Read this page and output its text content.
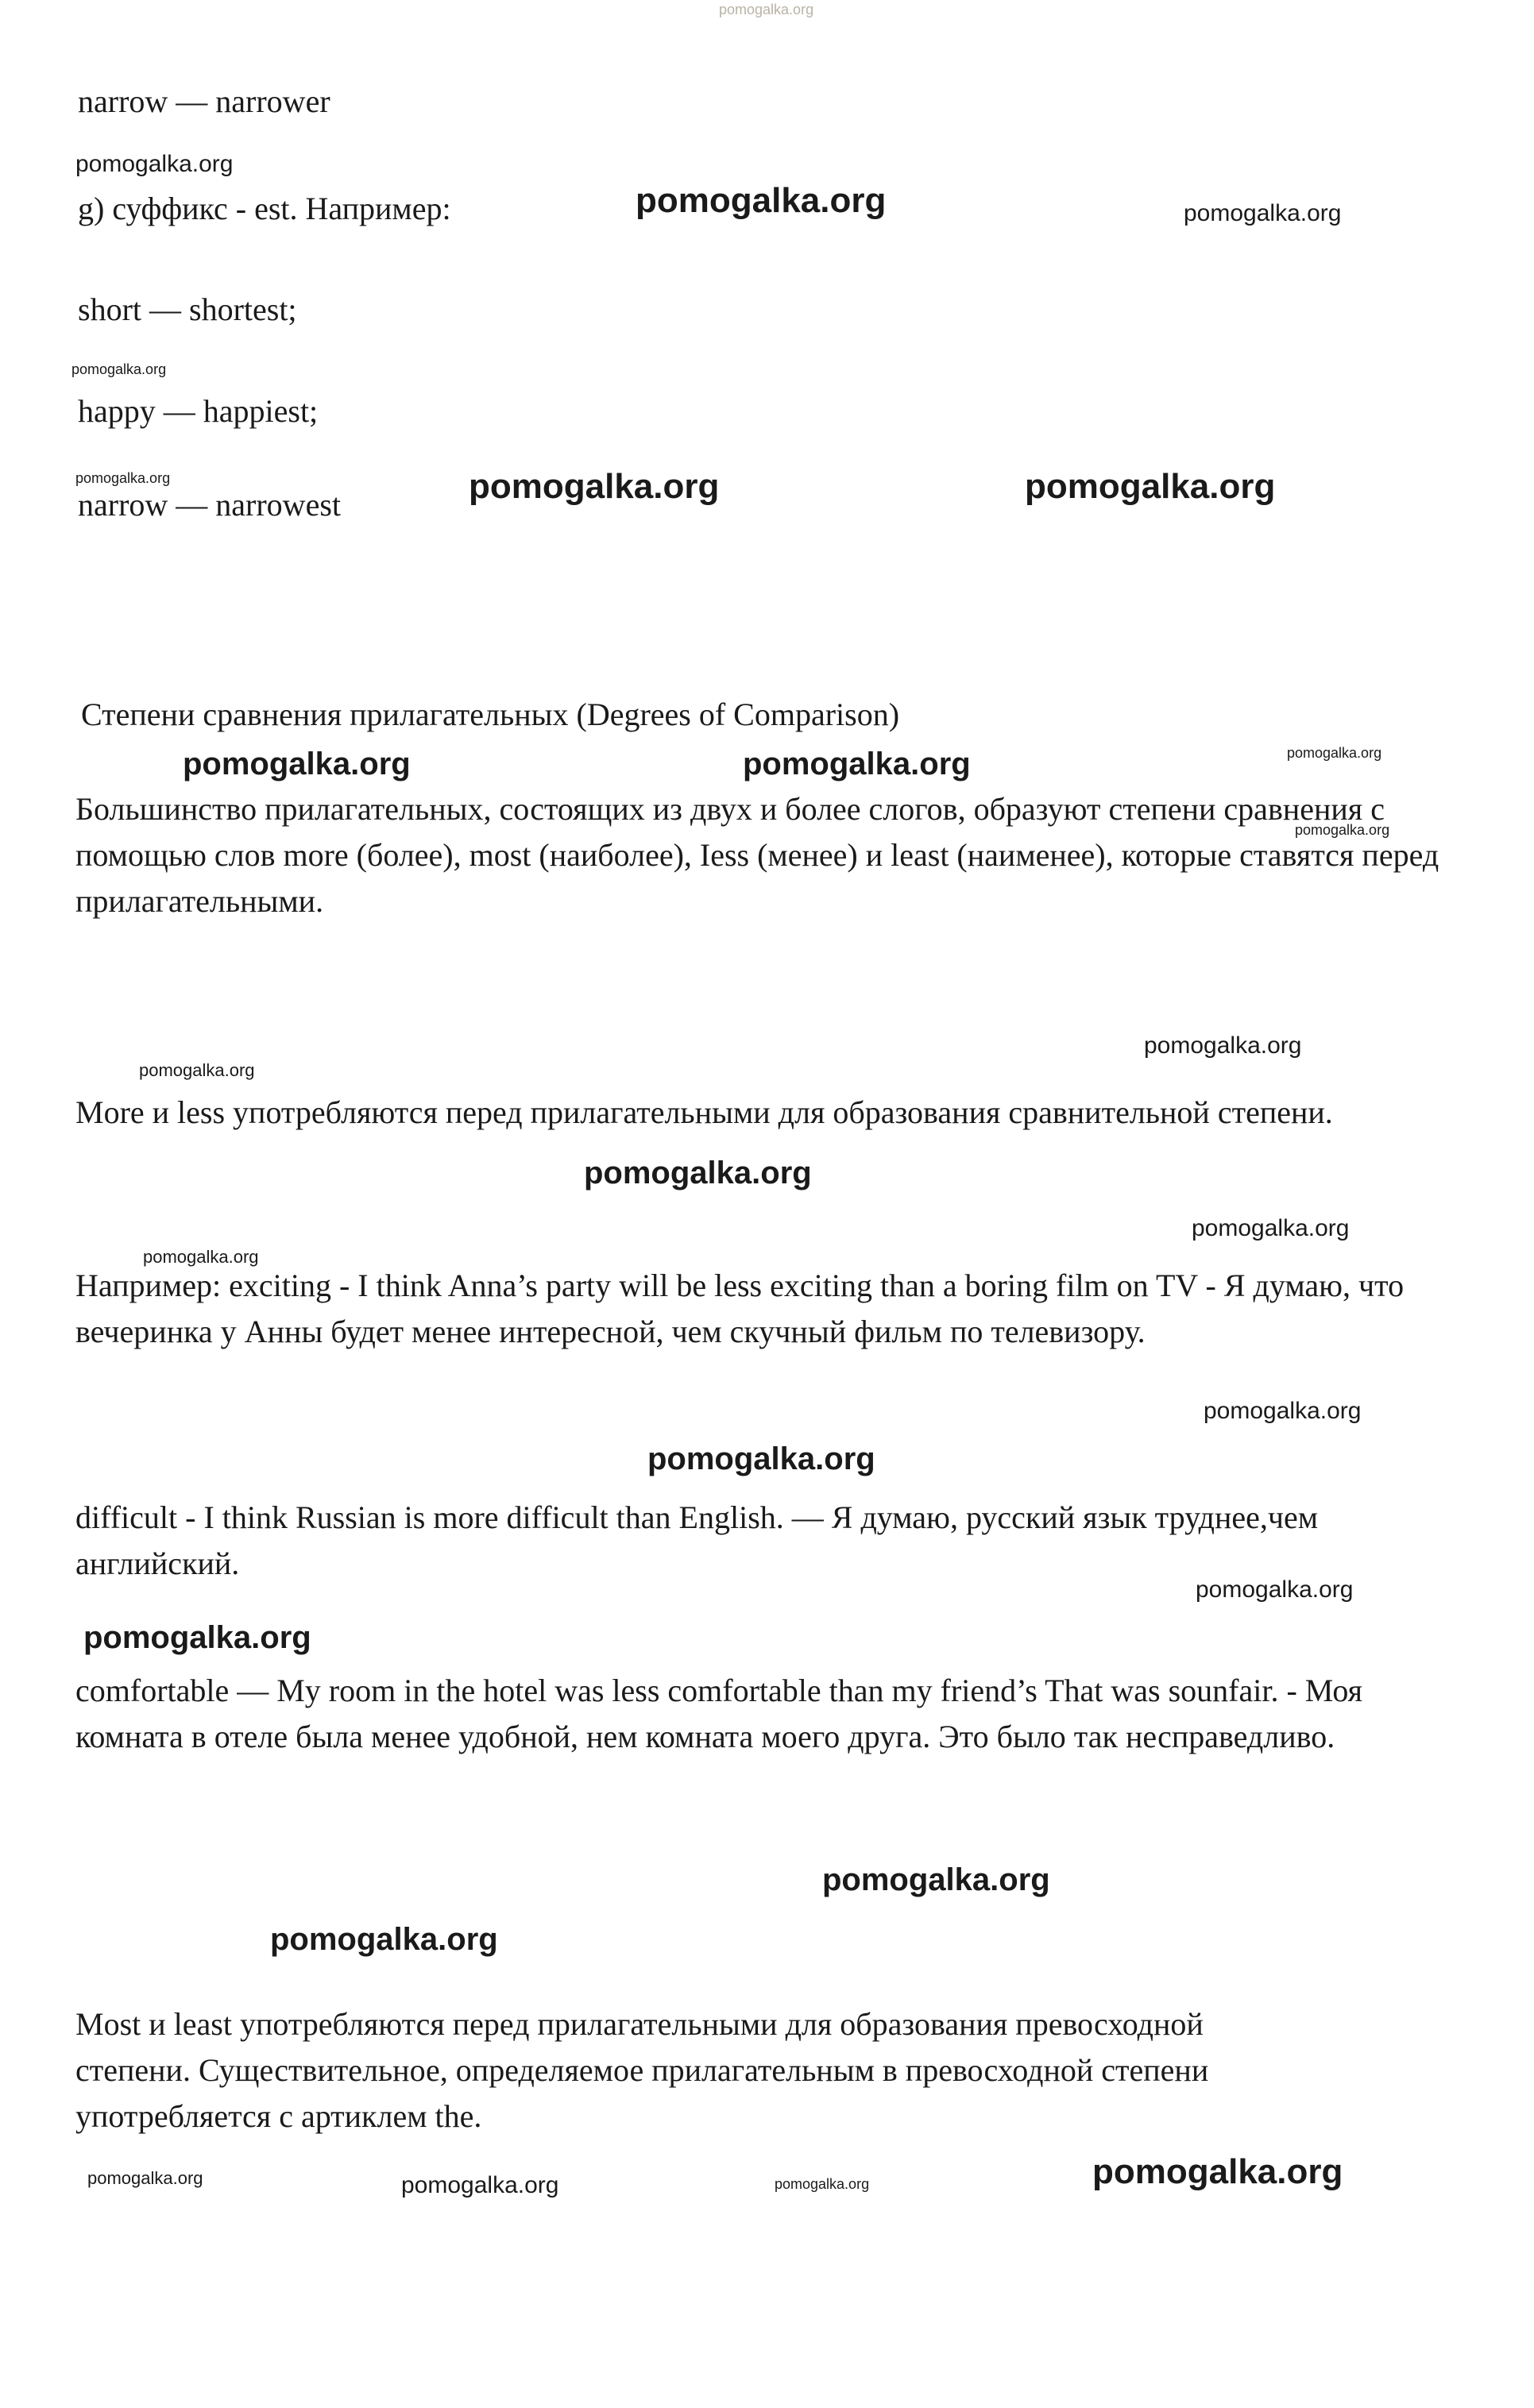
narrow — narrower
g) суффикс - est. Например:
short — shortest;
happy — happiest;
narrow — narrowest
Степени сравнения прилагательных (Degrees of Comparison)
Большинство прилагательных, состоящих из двух и более слогов, образуют степени сравнения с помощью слов more (более), most (наиболее), Iess (менее) и least (наименее), которые ставятся перед прилагательными.
More и less употребляются перед прилагательными для образования сравнительной степени.
Например: exciting - I think Anna’s party will be less exciting than a boring film on TV - Я думаю, что вечеринка у Анны будет менее интересной, чем скучный фильм по телевизору.
difficult - I think Russian is more difficult than English. — Я думаю, русский язык труднее,чем английский.
comfortable — My room in the hotel was less comfortable than my friend’s That was sounfair. - Моя комната в отеле была менее удобной, нем комната моего друга. Это было так несправедливо.
Most и least употребляются перед прилагательными для образования превосходной степени. Существительное, определяемое прилагательным в превосходной степени употребляется с артиклем the.
pomogalka.org
pomogalka.org
pomogalka.org	pomogalka.org
pomogalka.org
pomogalka.org	pomogalka.org	pomogalka.org
pomogalka.org	pomogalka.org	pomogalka.org
pomogalka.org
pomogalka.org
pomogalka.org
pomogalka.org
pomogalka.org
pomogalka.org
pomogalka.org
pomogalka.org
pomogalka.org
pomogalka.org
pomogalka.org
pomogalka.org
pomogalka.org	pomogalka.org	pomogalka.org	pomogalka.org
